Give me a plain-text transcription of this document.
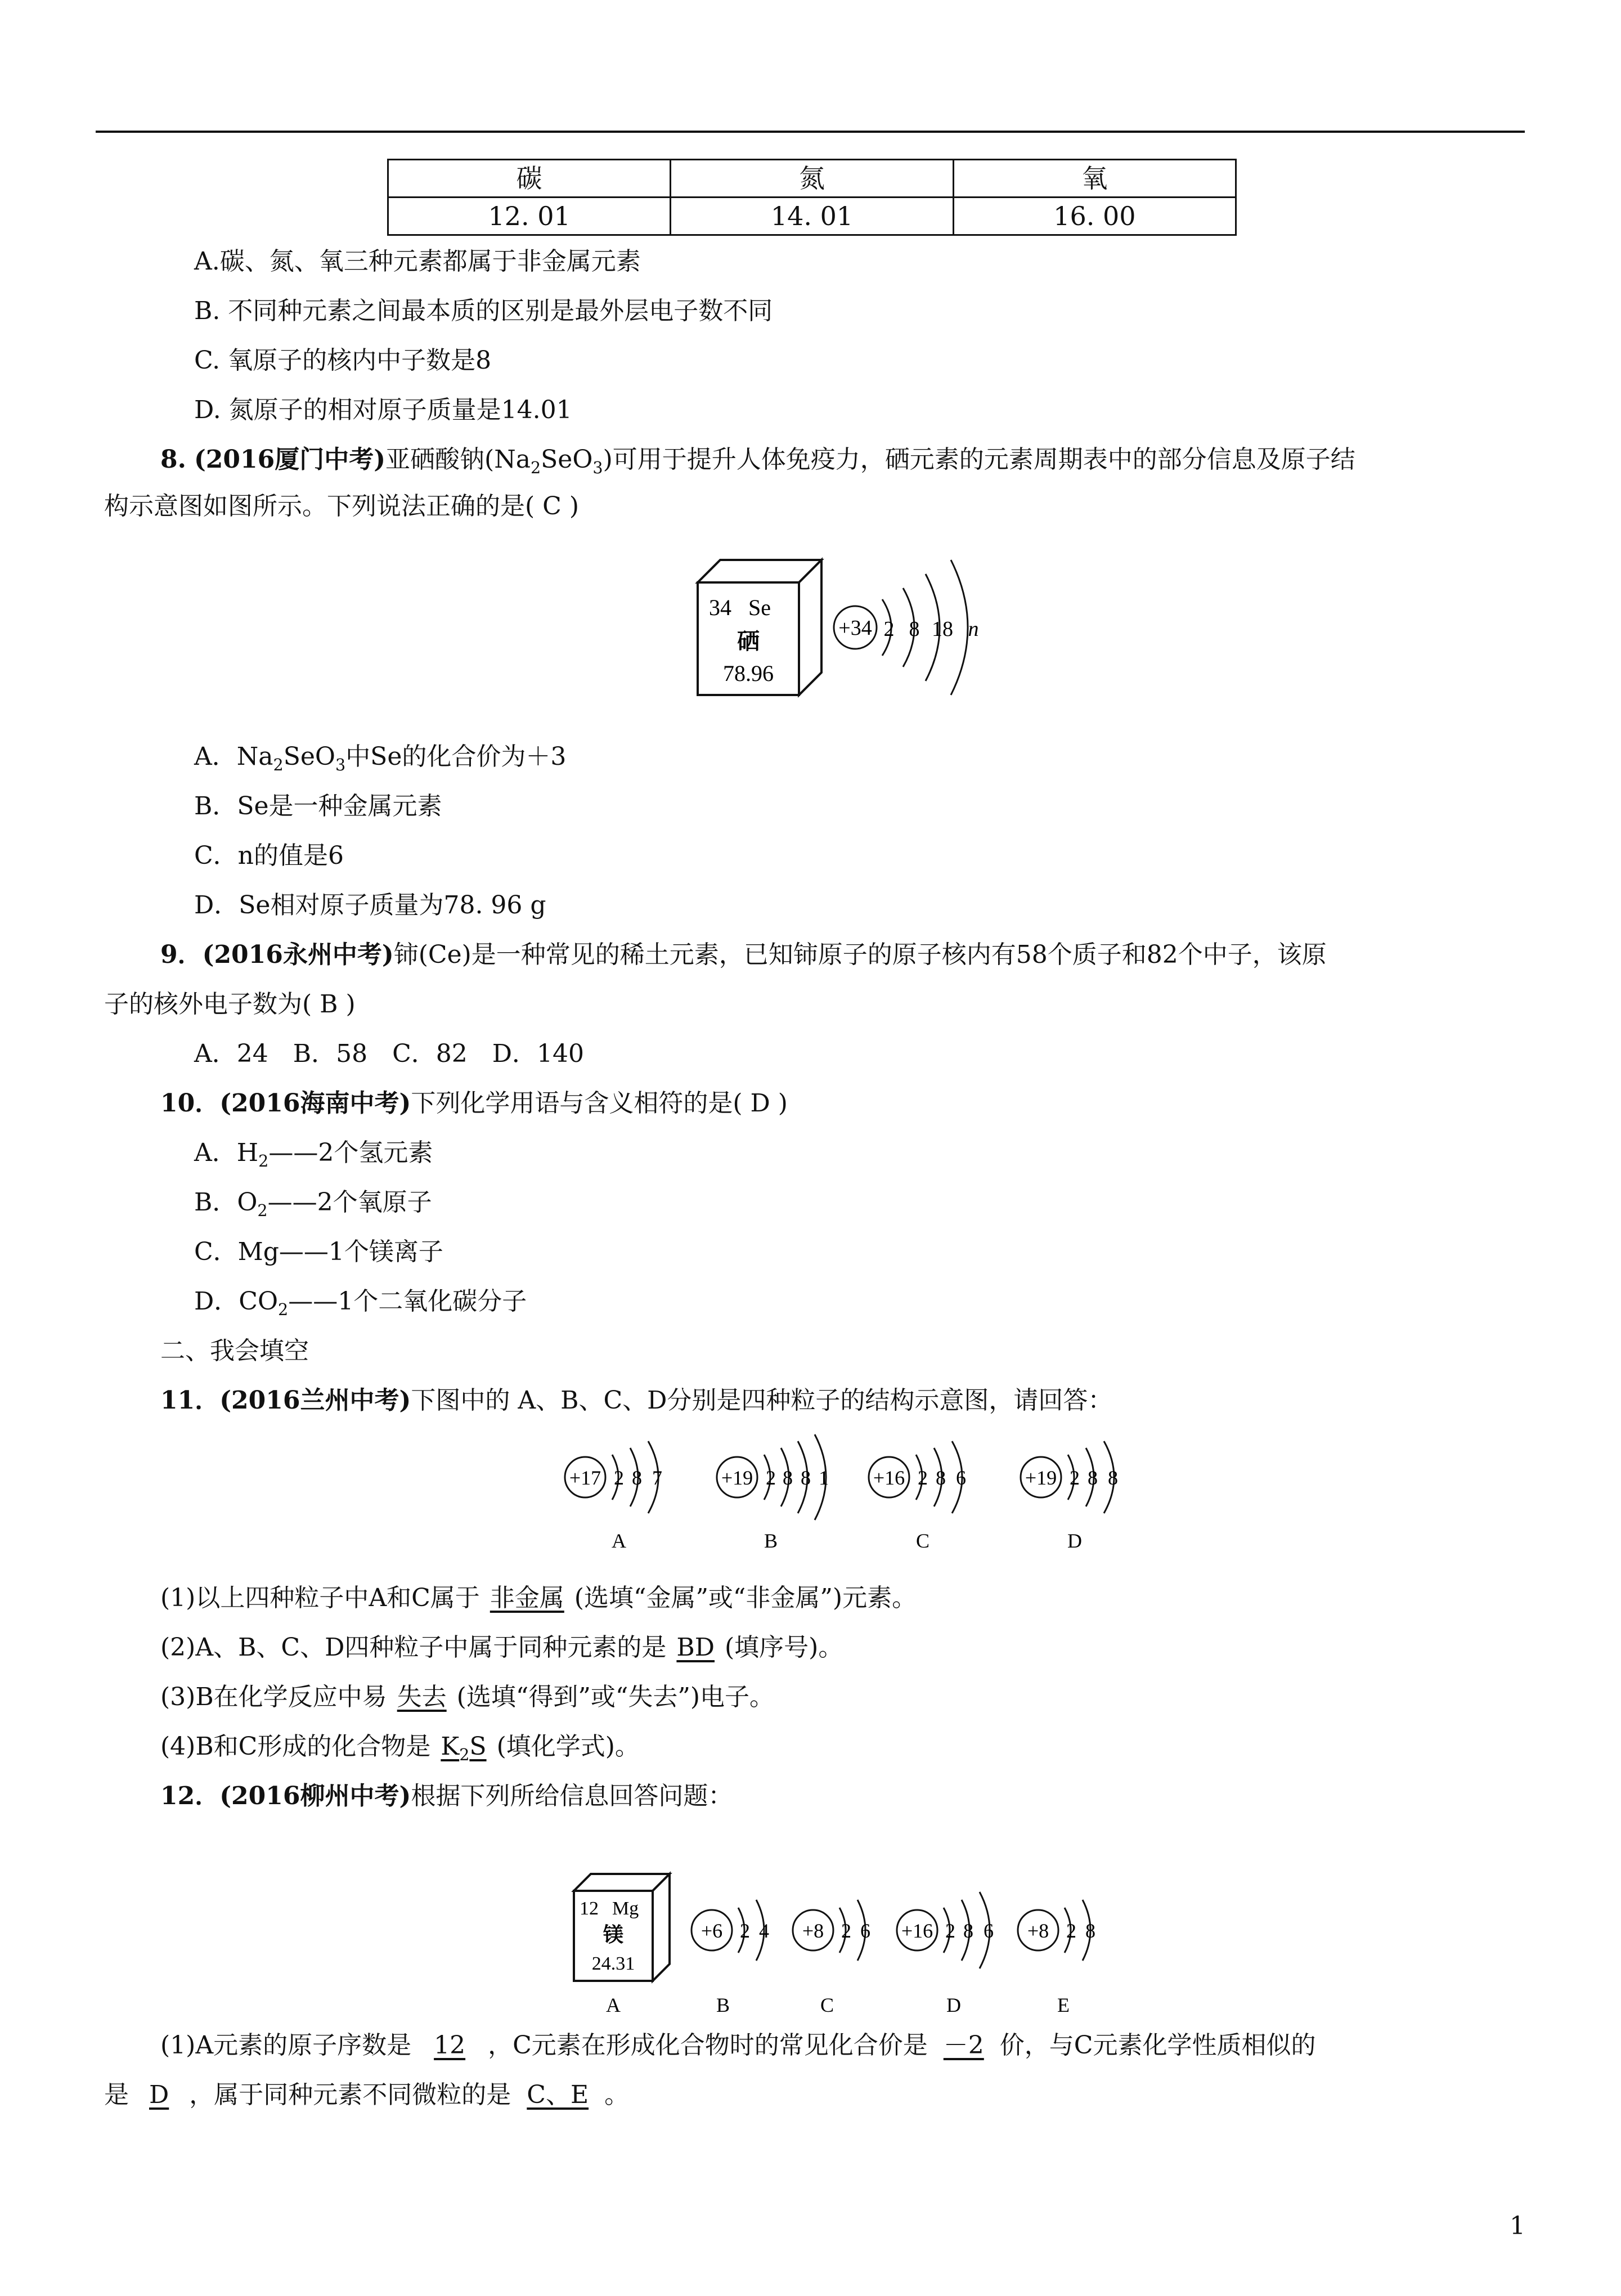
碳	氮	氧
12. 01	14. 01	16. 00
A.碳、氮、氧三种元素都属于非金属元素
B. 不同种元素之间最本质的区别是最外层电子数不同
C. 氧原子的核内中子数是8
D. 氮原子的相对原子质量是14.01
8. (2016厦门中考)亚硒酸钠$(Na_2SeO_3)$可用于提升人体免疫力，硒元素的元素周期表中的部分信息及原子结
构示意图如图所示。下列说法正确的是( C )
34 Se
硒
78.96
+34 2 8 18 n
A．$Na_2SeO_3$中Se的化合价为＋3
B．Se是一种金属元素
C．n的值是6
D．Se相对原子质量为78. 96 g
9．(2016永州中考)铈(Ce)是一种常见的稀土元素，已知铈原子的原子核内有58个质子和82个中子，该原
子的核外电子数为( B )
A．24　B．58　C．82　D．140
10．(2016海南中考)下列化学用语与含义相符的是( D )
A．$H_2——2$个氢元素
B．$O_2——2$个氧原子
C．Mg——1个镁离子
D．$CO_2——1$个二氧化碳分子
二、我会填空
11．(2016兰州中考)下图中的 A、B、C、D分别是四种粒子的结构示意图，请回答：
+17 2 8 7
A
+19 2 8 8 1
B
+16 2 8 6
C
+19 2 8 8
D
(1)以上四种粒子中A和C属于 非金属 (选填“金属”或“非金属”)元素。
(2)A、B、C、D四种粒子中属于同种元素的是 BD (填序号)。
(3)B在化学反应中易 失去 (选填“得到”或“失去”)电子。
(4)B和C形成的化合物是 $K_2S$ (填化学式)。
12．(2016柳州中考)根据下列所给信息回答问题：
12 Mg
镁
24.31
A
+6 2 4
B
+8 2 6
C
+16 2 8 6
D
+8 2 8
E
(1)A元素的原子序数是 12 ，C元素在形成化合物时的常见化合价是 －2 价，与C元素化学性质相似的
是 D ，属于同种元素不同微粒的是 C、E 。
1
